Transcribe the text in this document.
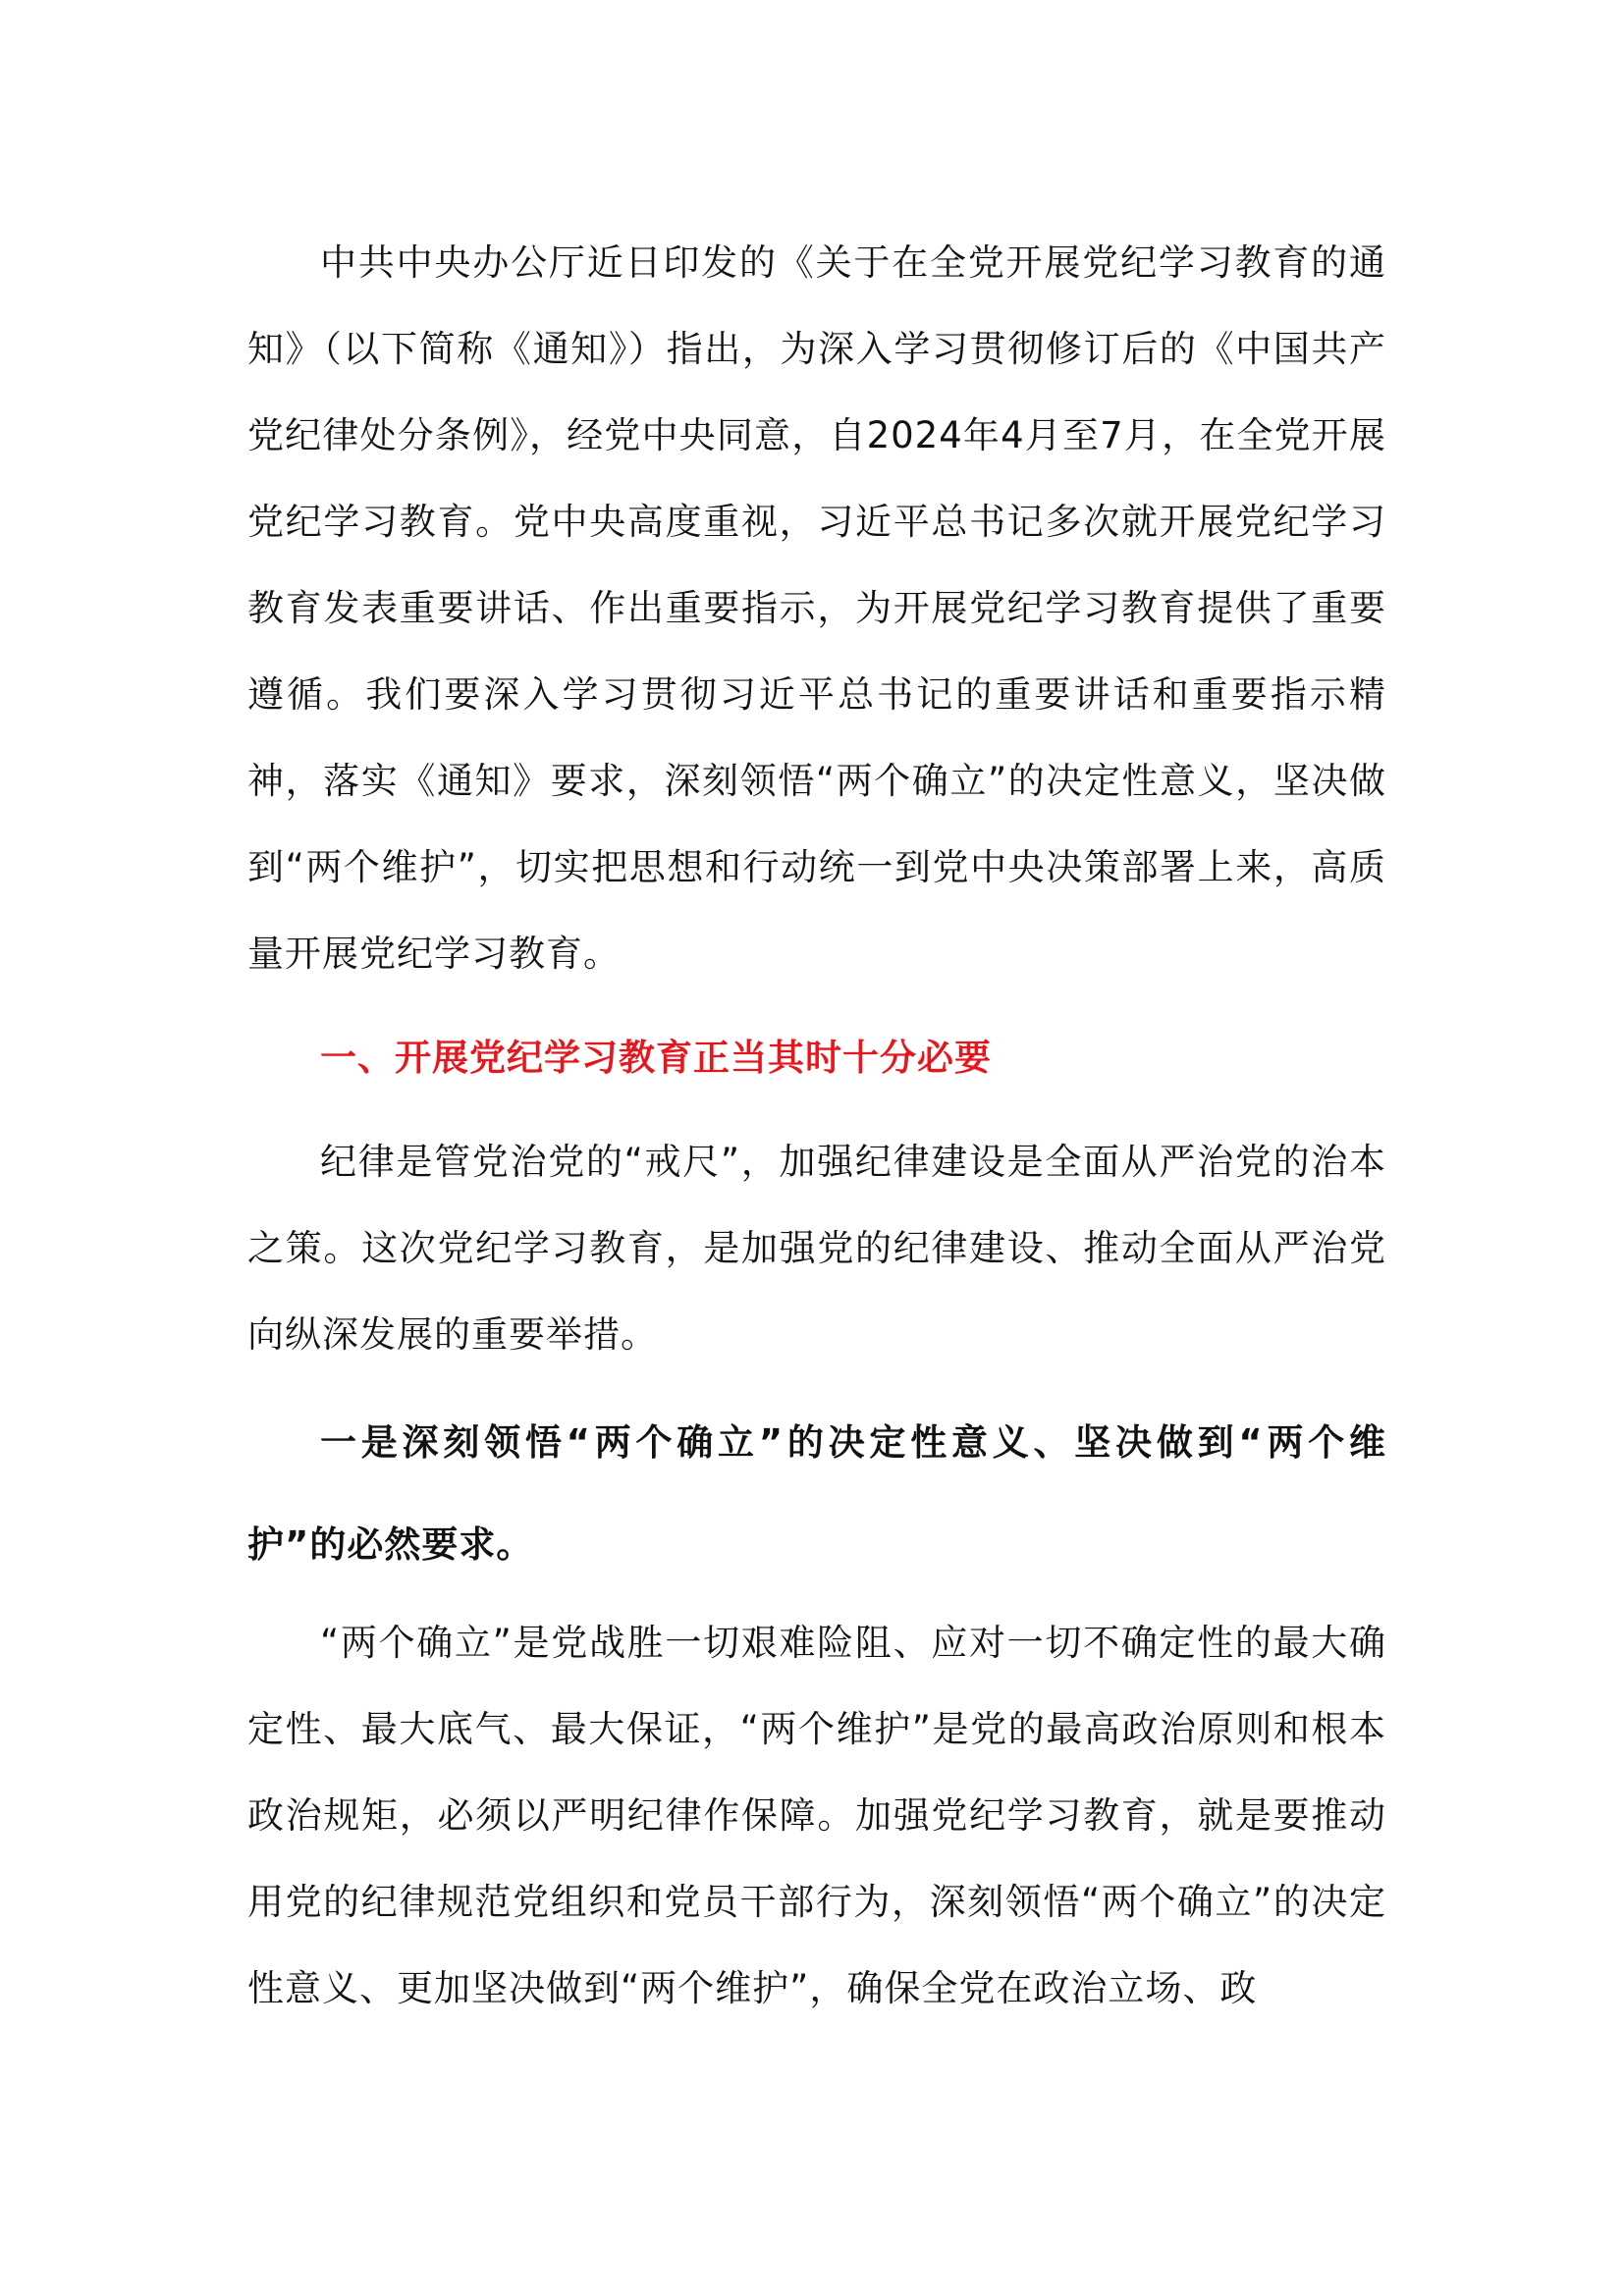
中共中央办公厅近日印发的《关于在全党开展党纪学习教育的通知》（以下简称《通知》）指出，为深入学习贯彻修订后的《中国共产党纪律处分条例》，经党中央同意，自2024年4月至7月，在全党开展党纪学习教育。党中央高度重视，习近平总书记多次就开展党纪学习教育发表重要讲话、作出重要指示，为开展党纪学习教育提供了重要遵循。我们要深入学习贯彻习近平总书记的重要讲话和重要指示精神，落实《通知》要求，深刻领悟“两个确立”的决定性意义，坚决做到“两个维护”，切实把思想和行动统一到党中央决策部署上来，高质量开展党纪学习教育。

一、开展党纪学习教育正当其时十分必要

纪律是管党治党的“戒尺”，加强纪律建设是全面从严治党的治本之策。这次党纪学习教育，是加强党的纪律建设、推动全面从严治党向纵深发展的重要举措。

一是深刻领悟“两个确立”的决定性意义、坚决做到“两个维护”的必然要求。

“两个确立”是党战胜一切艰难险阻、应对一切不确定性的最大确定性、最大底气、最大保证，“两个维护”是党的最高政治原则和根本政治规矩，必须以严明纪律作保障。加强党纪学习教育，就是要推动用党的纪律规范党组织和党员干部行为，深刻领悟“两个确立”的决定性意义、更加坚决做到“两个维护”，确保全党在政治立场、政
